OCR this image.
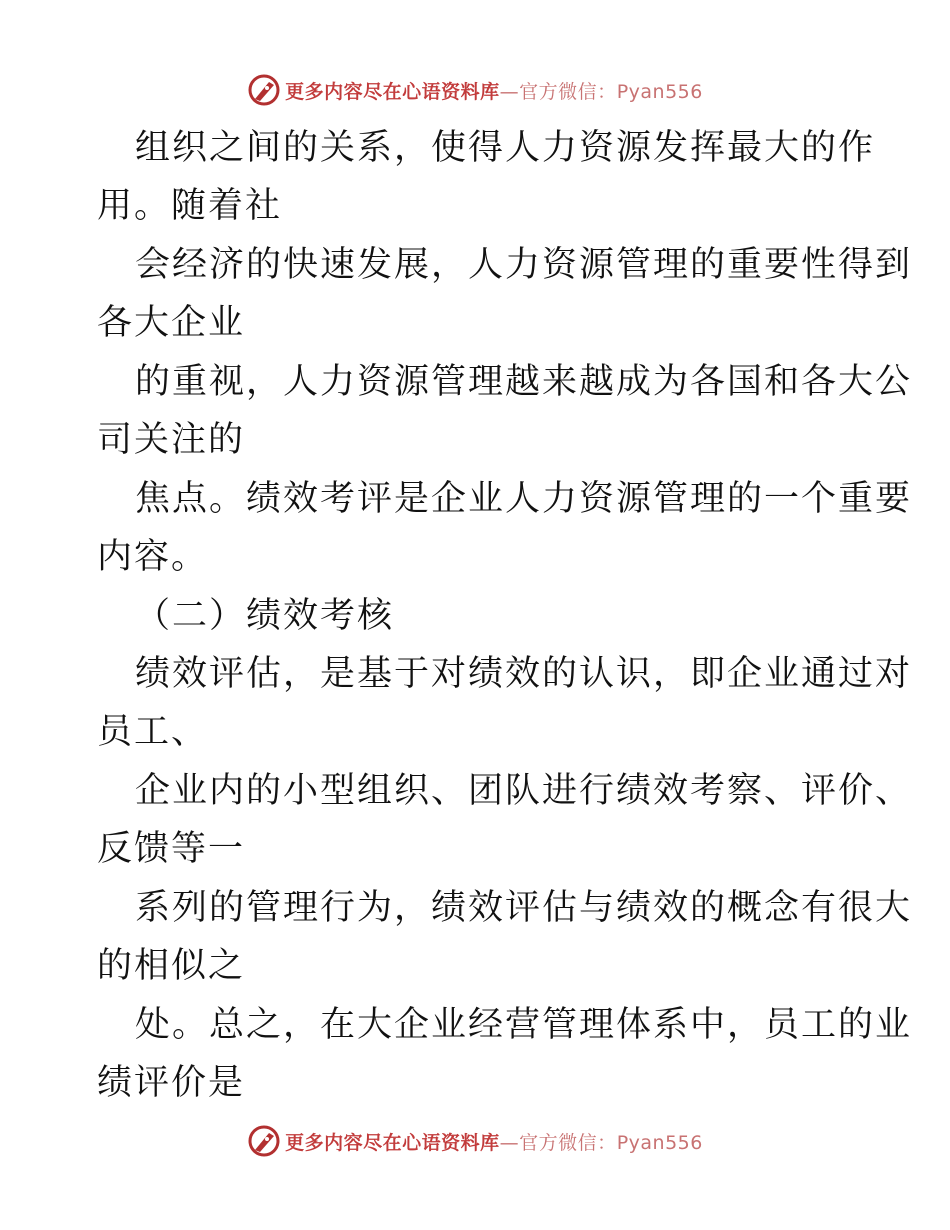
更多内容尽在心语资料库—官方微信：Pyan556
组织之间的关系，使得人力资源发挥最大的作
用。随着社
会经济的快速发展，人力资源管理的重要性得到
各大企业
的重视，人力资源管理越来越成为各国和各大公
司关注的
焦点。绩效考评是企业人力资源管理的一个重要
内容。
（二）绩效考核
绩效评估，是基于对绩效的认识，即企业通过对
员工、
企业内的小型组织、团队进行绩效考察、评价、
反馈等一
系列的管理行为，绩效评估与绩效的概念有很大
的相似之
处。总之，在大企业经营管理体系中，员工的业
绩评价是
更多内容尽在心语资料库—官方微信：Pyan556
